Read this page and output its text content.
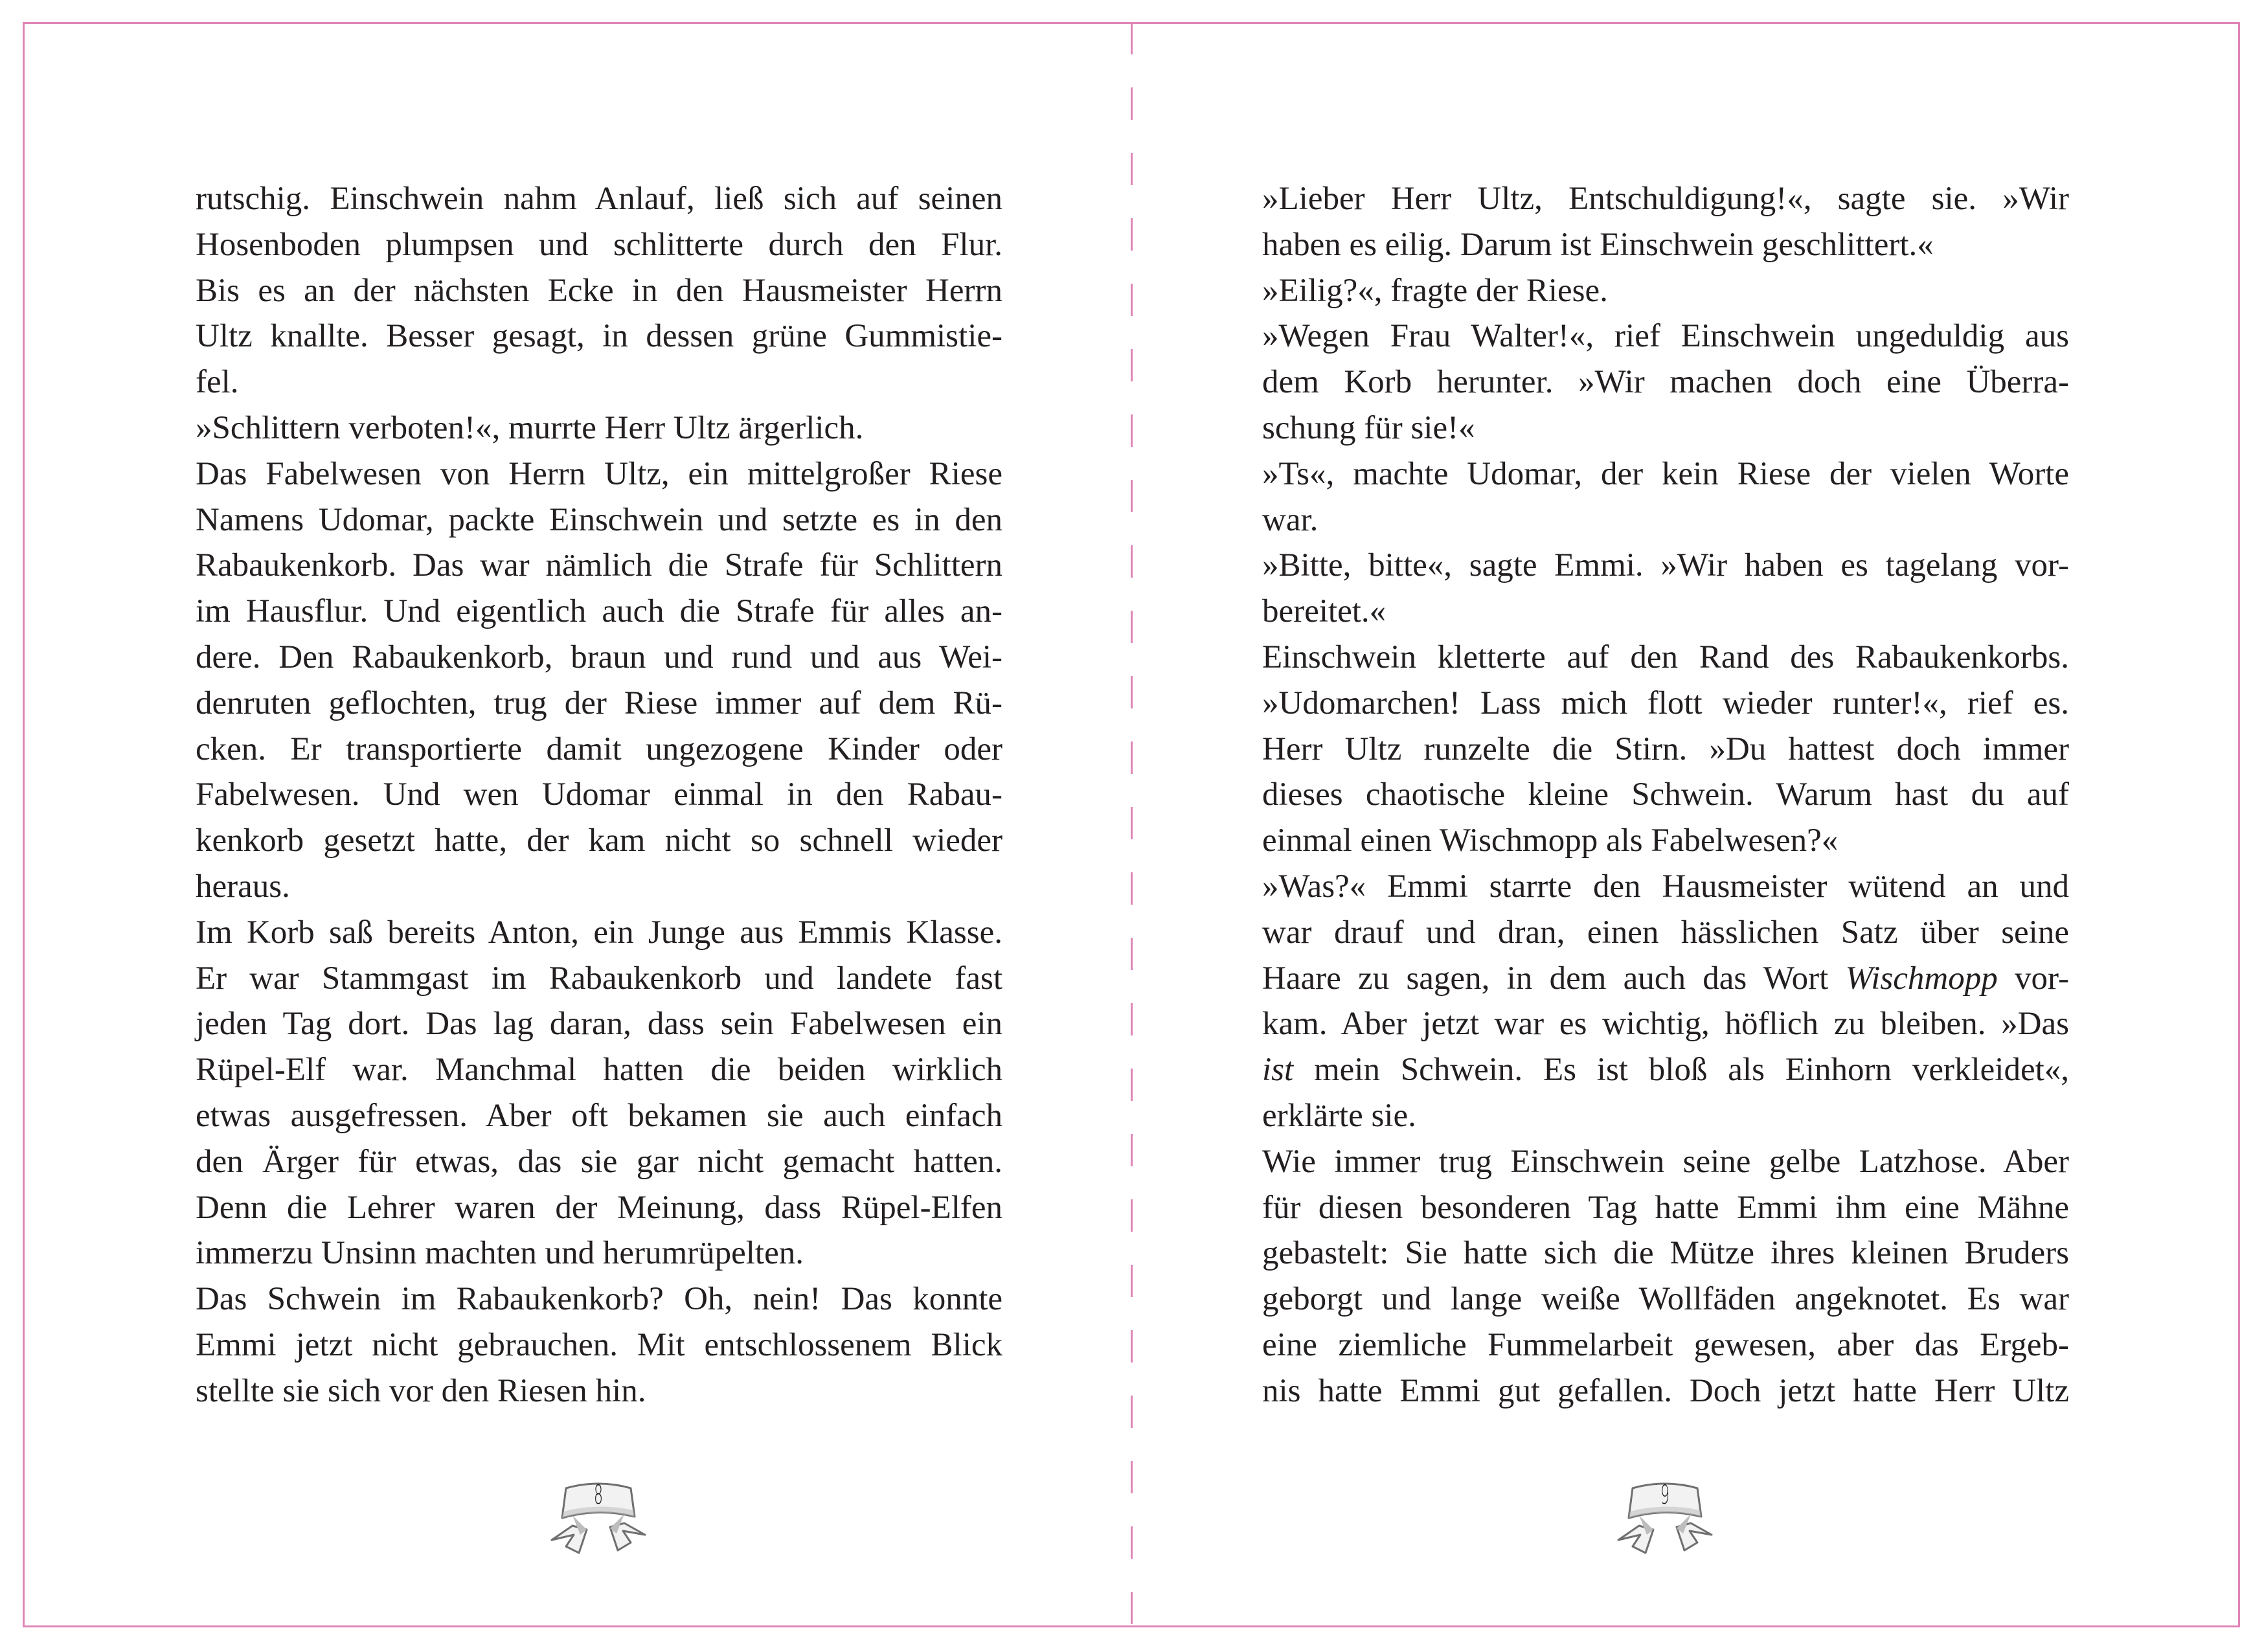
rutschig. Einschwein nahm Anlauf, ließ sich auf seinen
Hosenboden plumpsen und schlitterte durch den Flur.
Bis es an der nächsten Ecke in den Hausmeister Herrn
Ultz knallte. Besser gesagt, in dessen grüne Gummistie-
fel.
»Schlittern verboten!«, murrte Herr Ultz ärgerlich.
Das Fabelwesen von Herrn Ultz, ein mittelgroßer Riese
Namens Udomar, packte Einschwein und setzte es in den
Rabaukenkorb. Das war nämlich die Strafe für Schlittern
im Hausflur. Und eigentlich auch die Strafe für alles an-
dere. Den Rabaukenkorb, braun und rund und aus Wei-
denruten geflochten, trug der Riese immer auf dem Rü-
cken. Er transportierte damit ungezogene Kinder oder
Fabelwesen. Und wen Udomar einmal in den Rabau-
kenkorb gesetzt hatte, der kam nicht so schnell wieder
heraus.
Im Korb saß bereits Anton, ein Junge aus Emmis Klasse.
Er war Stammgast im Rabaukenkorb und landete fast
jeden Tag dort. Das lag daran, dass sein Fabelwesen ein
Rüpel-Elf war. Manchmal hatten die beiden wirklich
etwas ausgefressen. Aber oft bekamen sie auch einfach
den Ärger für etwas, das sie gar nicht gemacht hatten.
Denn die Lehrer waren der Meinung, dass Rüpel-Elfen
immerzu Unsinn machten und herumrüpelten.
Das Schwein im Rabaukenkorb? Oh, nein! Das konnte
Emmi jetzt nicht gebrauchen. Mit entschlossenem Blick
stellte sie sich vor den Riesen hin.
»Lieber Herr Ultz, Entschuldigung!«, sagte sie. »Wir
haben es eilig. Darum ist Einschwein geschlittert.«
»Eilig?«, fragte der Riese.
»Wegen Frau Walter!«, rief Einschwein ungeduldig aus
dem Korb herunter. »Wir machen doch eine Überra-
schung für sie!«
»Ts«, machte Udomar, der kein Riese der vielen Worte
war.
»Bitte, bitte«, sagte Emmi. »Wir haben es tagelang vor-
bereitet.«
Einschwein kletterte auf den Rand des Rabaukenkorbs.
»Udomarchen! Lass mich flott wieder runter!«, rief es.
Herr Ultz runzelte die Stirn. »Du hattest doch immer
dieses chaotische kleine Schwein. Warum hast du auf
einmal einen Wischmopp als Fabelwesen?«
»Was?« Emmi starrte den Hausmeister wütend an und
war drauf und dran, einen hässlichen Satz über seine
Haare zu sagen, in dem auch das Wort Wischmopp vor-
kam. Aber jetzt war es wichtig, höflich zu bleiben. »Das
ist mein Schwein. Es ist bloß als Einhorn verkleidet«,
erklärte sie.
Wie immer trug Einschwein seine gelbe Latzhose. Aber
für diesen besonderen Tag hatte Emmi ihm eine Mähne
gebastelt: Sie hatte sich die Mütze ihres kleinen Bruders
geborgt und lange weiße Wollfäden angeknotet. Es war
eine ziemliche Fummelarbeit gewesen, aber das Ergeb-
nis hatte Emmi gut gefallen. Doch jetzt hatte Herr Ultz
8	9
